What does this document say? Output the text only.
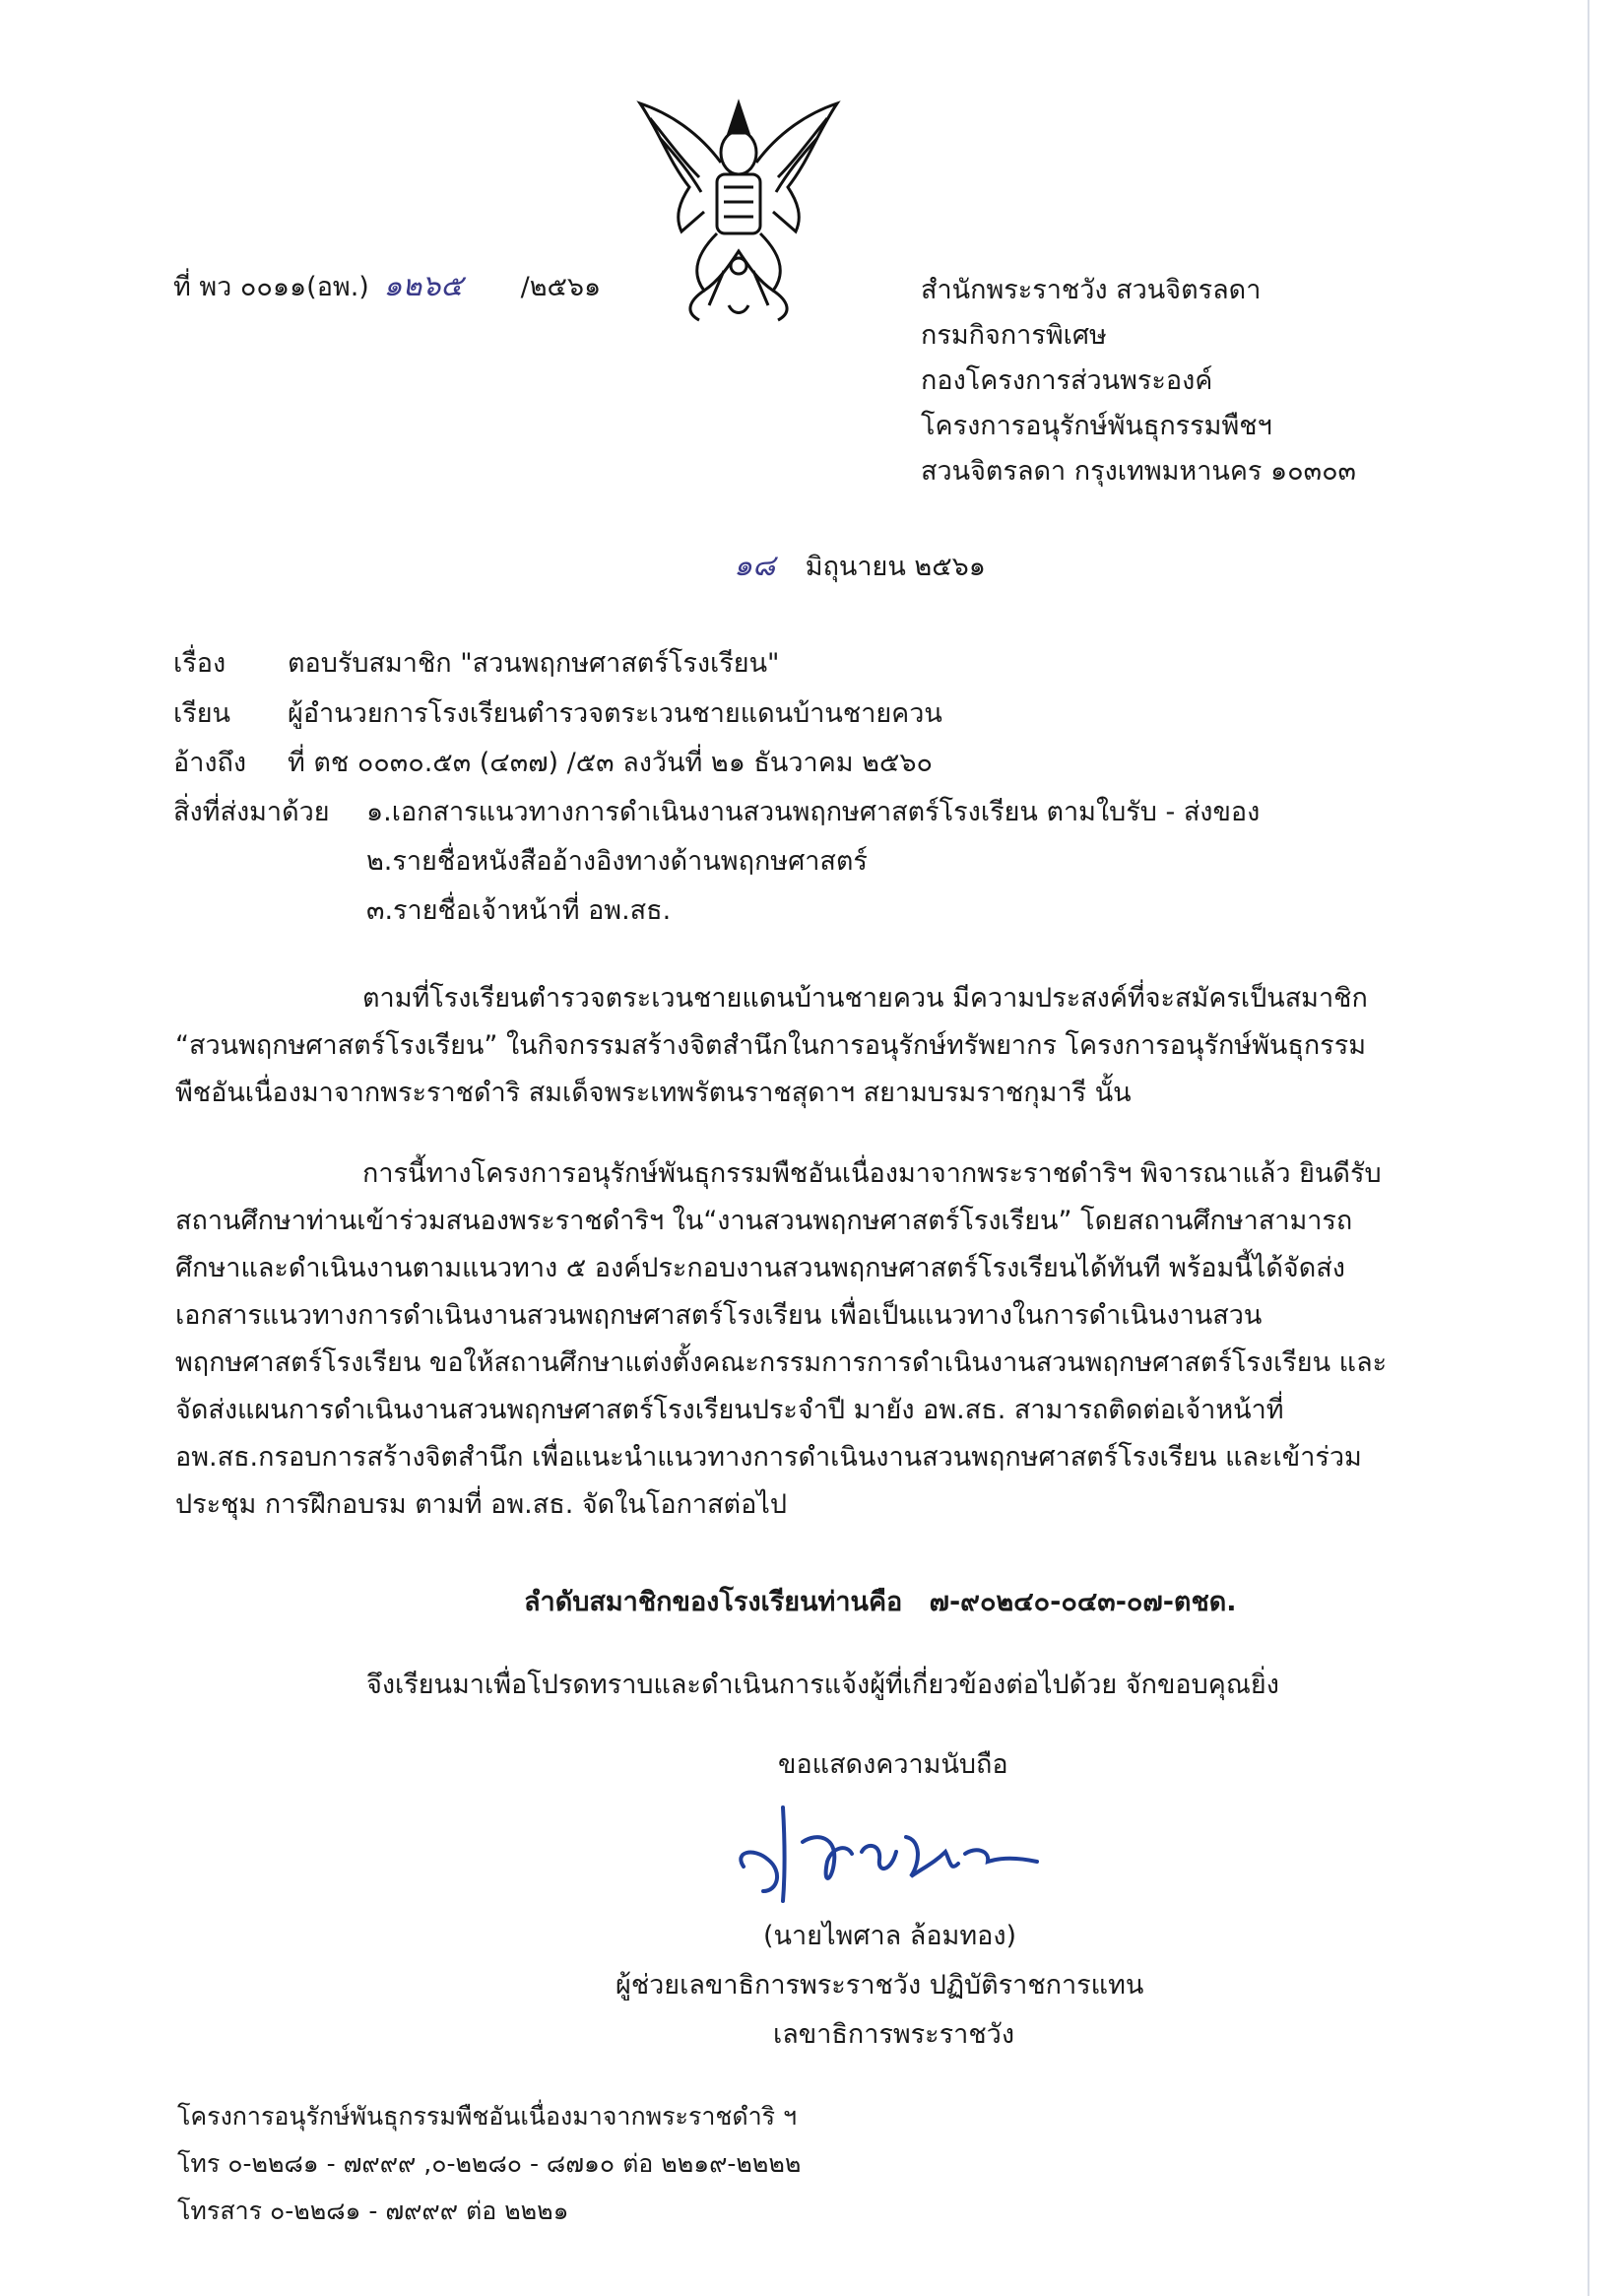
ที่ พว ๐๐๑๑(อพ.) ๑๒๖๕ /๒๕๖๑	สำนักพระราชวัง สวนจิตรลดา
กรมกิจการพิเศษ
กองโครงการส่วนพระองค์
โครงการอนุรักษ์พันธุกรรมพืชฯ
สวนจิตรลดา กรุงเทพมหานคร ๑๐๓๐๓
๑๘ มิถุนายน ๒๕๖๑
เรื่อง ตอบรับสมาชิก "สวนพฤกษศาสตร์โรงเรียน"
เรียน ผู้อำนวยการโรงเรียนตำรวจตระเวนชายแดนบ้านชายควน
อ้างถึง ที่ ตช ๐๐๓๐.๕๓ (๔๓๗) /๕๓ ลงวันที่ ๒๑ ธันวาคม ๒๕๖๐
สิ่งที่ส่งมาด้วย ๑.เอกสารแนวทางการดำเนินงานสวนพฤกษศาสตร์โรงเรียน ตามใบรับ - ส่งของ
๒.รายชื่อหนังสืออ้างอิงทางด้านพฤกษศาสตร์
๓.รายชื่อเจ้าหน้าที่ อพ.สธ.
ตามที่โรงเรียนตำรวจตระเวนชายแดนบ้านชายควน มีความประสงค์ที่จะสมัครเป็นสมาชิก “สวนพฤกษศาสตร์โรงเรียน” ในกิจกรรมสร้างจิตสำนึกในการอนุรักษ์ทรัพยากร โครงการอนุรักษ์พันธุกรรมพืชอันเนื่องมาจากพระราชดำริ สมเด็จพระเทพรัตนราชสุดาฯ สยามบรมราชกุมารี นั้น
การนี้ทางโครงการอนุรักษ์พันธุกรรมพืชอันเนื่องมาจากพระราชดำริฯ พิจารณาแล้ว ยินดีรับสถานศึกษาท่านเข้าร่วมสนองพระราชดำริฯ ใน“งานสวนพฤกษศาสตร์โรงเรียน” โดยสถานศึกษาสามารถศึกษาและดำเนินงานตามแนวทาง ๕ องค์ประกอบงานสวนพฤกษศาสตร์โรงเรียนได้ทันที พร้อมนี้ได้จัดส่งเอกสารแนวทางการดำเนินงานสวนพฤกษศาสตร์โรงเรียน เพื่อเป็นแนวทางในการดำเนินงานสวนพฤกษศาสตร์โรงเรียน ขอให้สถานศึกษาแต่งตั้งคณะกรรมการการดำเนินงานสวนพฤกษศาสตร์โรงเรียน และจัดส่งแผนการดำเนินงานสวนพฤกษศาสตร์โรงเรียนประจำปี มายัง อพ.สธ. สามารถติดต่อเจ้าหน้าที่ อพ.สธ.กรอบการสร้างจิตสำนึก เพื่อแนะนำแนวทางการดำเนินงานสวนพฤกษศาสตร์โรงเรียน และเข้าร่วมประชุม การฝึกอบรม ตามที่ อพ.สธ. จัดในโอกาสต่อไป
ลำดับสมาชิกของโรงเรียนท่านคือ ๗-๙๐๒๔๐-๐๔๓-๐๗-ตชด.
จึงเรียนมาเพื่อโปรดทราบและดำเนินการแจ้งผู้ที่เกี่ยวข้องต่อไปด้วย จักขอบคุณยิ่ง
ขอแสดงความนับถือ
(นายไพศาล ล้อมทอง)
ผู้ช่วยเลขาธิการพระราชวัง ปฏิบัติราชการแทน
เลขาธิการพระราชวัง
โครงการอนุรักษ์พันธุกรรมพืชอันเนื่องมาจากพระราชดำริ ฯ
โทร ๐-๒๒๘๑ - ๗๙๙๙ ,๐-๒๒๘๐ - ๘๗๑๐ ต่อ ๒๒๑๙-๒๒๒๒
โทรสาร ๐-๒๒๘๑ - ๗๙๙๙ ต่อ ๒๒๒๑
